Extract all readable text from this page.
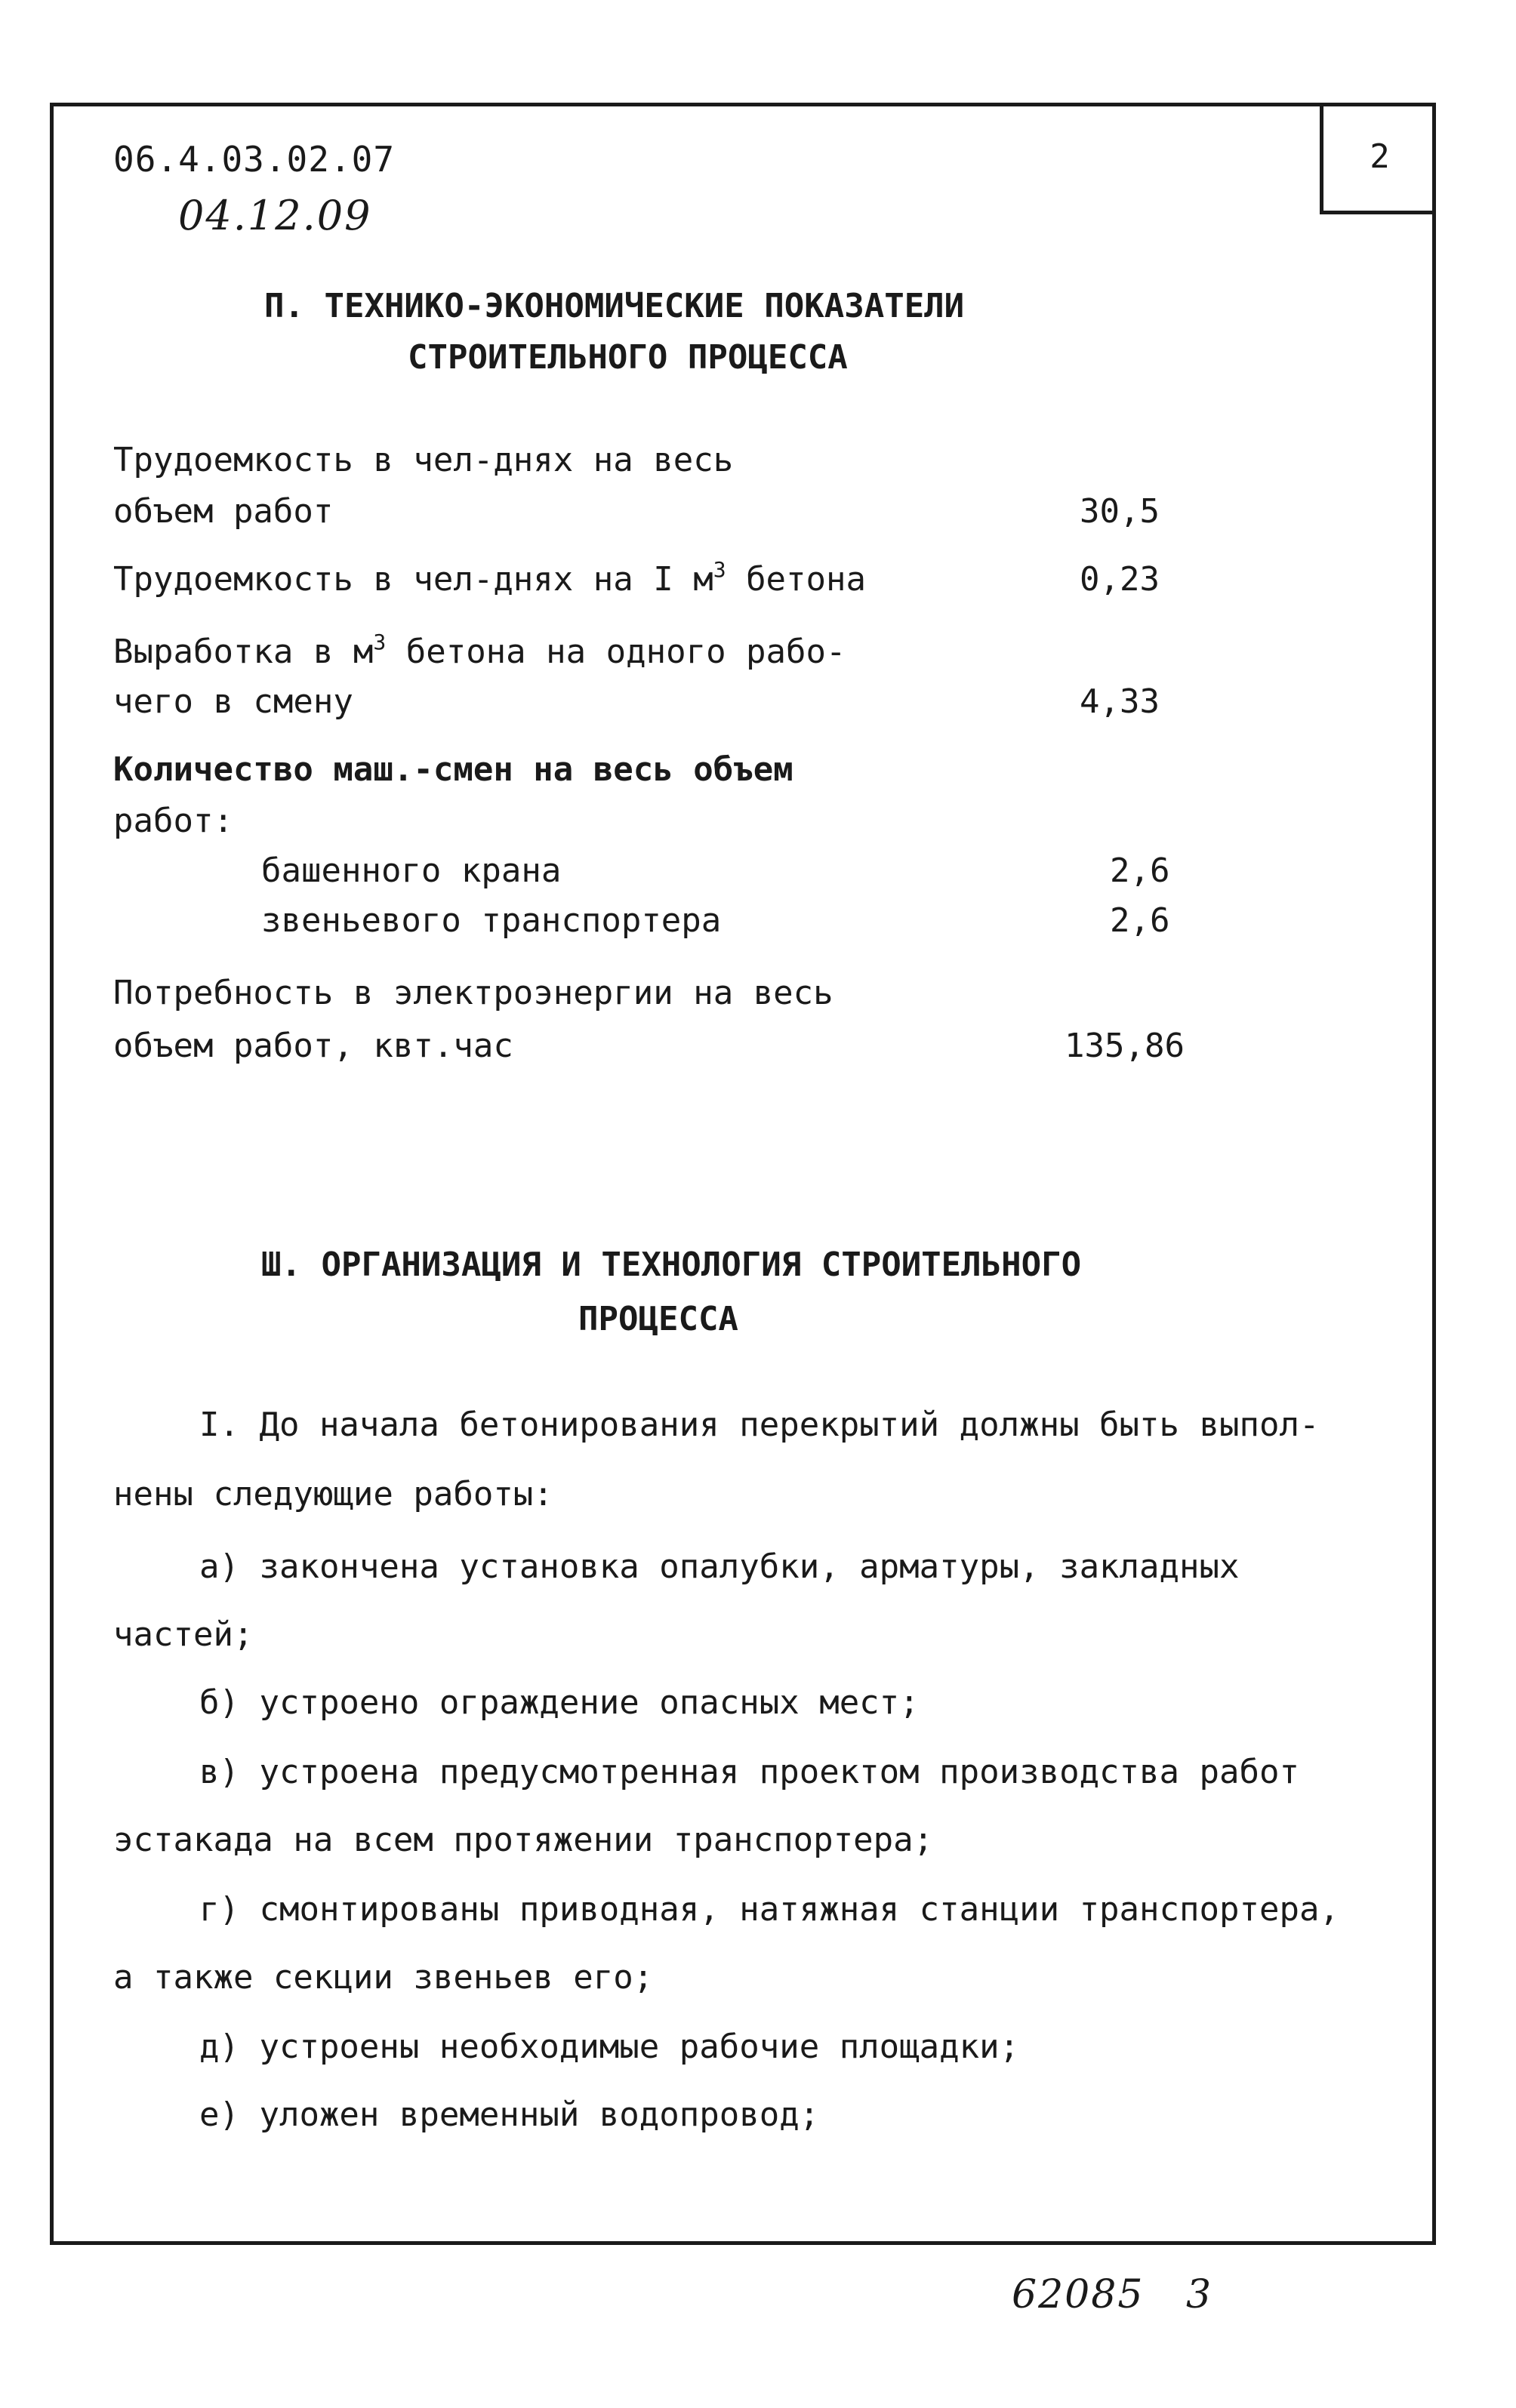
2
06.4.03.02.07
04.12.09
П. ТЕХНИКО-ЭКОНОМИЧЕСКИЕ ПОКАЗАТЕЛИ
СТРОИТЕЛЬНОГО ПРОЦЕССА
Трудоемкость в чел-днях на весь
объем работ	30,5
Трудоемкость в чел-днях на I $м^3$ бетона	0,23
Выработка в $м^3$ бетона на одного рабо-
чего в смену	4,33
Количество маш.-смен на весь объем
работ:
башенного крана	2,6
звеньевого транспортера	2,6
Потребность в электроэнергии на весь
объем работ, квт.час	135,86
Ш. ОРГАНИЗАЦИЯ И ТЕХНОЛОГИЯ СТРОИТЕЛЬНОГО
ПРОЦЕССА
I. До начала бетонирования перекрытий должны быть выпол-
нены следующие работы:
а) закончена установка опалубки, арматуры, закладных
частей;
б) устроено ограждение опасных мест;
в) устроена предусмотренная проектом производства работ
эстакада на всем протяжении транспортера;
г) смонтированы приводная, натяжная станции транспортера,
а также секции звеньев его;
д) устроены необходимые рабочие площадки;
е) уложен временный водопровод;
62085 3
